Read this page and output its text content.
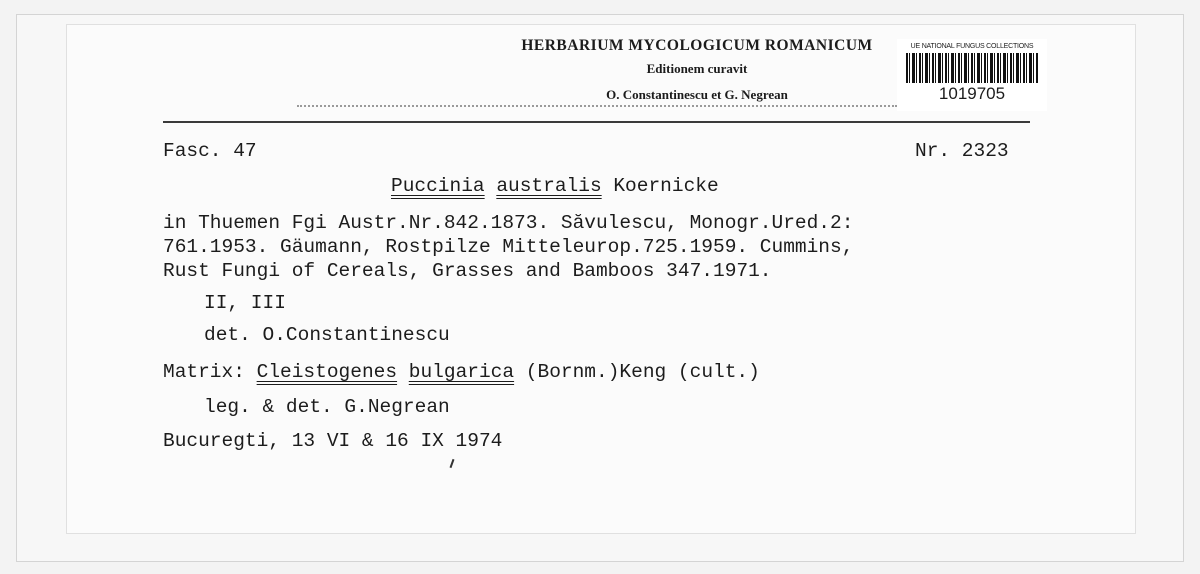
HERBARIUM MYCOLOGICUM ROMANICUM
Editionem curavit
O. Constantinescu et G. Negrean
UE NATIONAL FUNGUS COLLECTIONS
1019705
Fasc. 47	Nr. 2323
Puccinia australis Koernicke
in Thuemen Fgi Austr.Nr.842.1873. Săvulescu, Monogr.Ured.2:
761.1953. Gäumann, Rostpilze Mitteleurop.725.1959. Cummins,
Rust Fungi of Cereals, Grasses and Bamboos 347.1971.
II, III
det. O.Constantinescu
Matrix: Cleistogenes bulgarica (Bornm.)Keng (cult.)
leg. & det. G.Negrean
Bucuregti, 13 VI & 16 IX 1974
